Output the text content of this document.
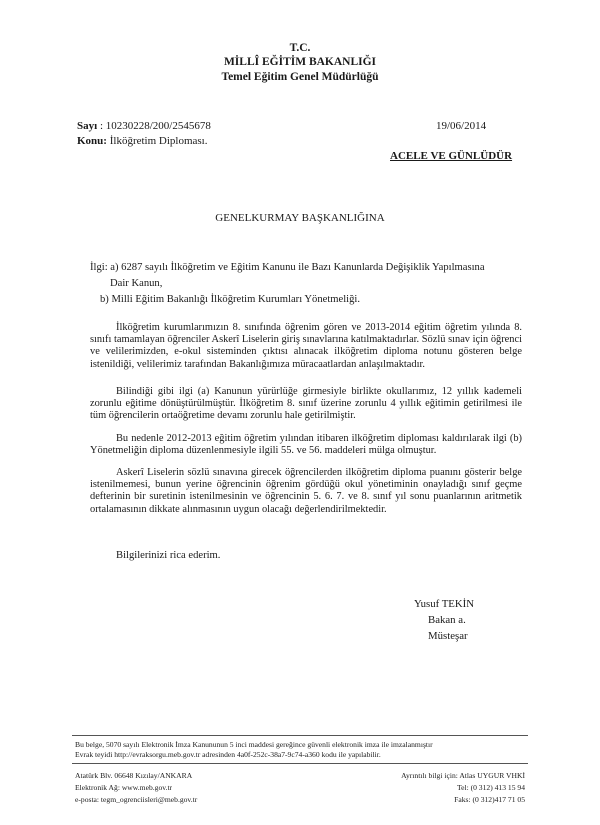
T.C.
MİLLÎ EĞİTİM BAKANLIĞI
Temel Eğitim Genel Müdürlüğü
Sayı : 10230228/200/2545678	19/06/2014
Konu: İlköğretim Diploması.
ACELE VE GÜNLÜDÜR
GENELKURMAY BAŞKANLIĞINA
İlgi: a) 6287 sayılı İlköğretim ve Eğitim Kanunu ile Bazı Kanunlarda Değişiklik Yapılmasına
Dair Kanun,
b) Milli Eğitim Bakanlığı İlköğretim Kurumları Yönetmeliği.
İlköğretim kurumlarımızın 8. sınıfında öğrenim gören ve 2013-2014 eğitim öğretim yılında 8. sınıfı tamamlayan öğrenciler Askerî Liselerin giriş sınavlarına katılmaktadırlar. Sözlü sınav için öğrenci ve velilerimizden, e-okul sisteminden çıktısı alınacak ilköğretim diploma notunu gösteren belge istenildiği, velilerimiz tarafından Bakanlığımıza müracaatlardan anlaşılmaktadır.
Bilindiği gibi ilgi (a) Kanunun yürürlüğe girmesiyle birlikte okullarımız, 12 yıllık kademeli zorunlu eğitime dönüştürülmüştür. İlköğretim 8. sınıf üzerine zorunlu 4 yıllık eğitimin getirilmesi ile tüm öğrencilerin ortaöğretime devamı zorunlu hale getirilmiştir.
Bu nedenle 2012-2013 eğitim öğretim yılından itibaren ilköğretim diploması kaldırılarak ilgi (b) Yönetmeliğin diploma düzenlenmesiyle ilgili 55. ve 56. maddeleri mülga olmuştur.
Askerî Liselerin sözlü sınavına girecek öğrencilerden ilköğretim diploma puanını gösterir belge istenilmemesi, bunun yerine öğrencinin öğrenim gördüğü okul yönetiminin onayladığı sınıf geçme defterinin bir suretinin istenilmesinin ve öğrencinin 5. 6. 7. ve 8. sınıf yıl sonu puanlarının aritmetik ortalamasının dikkate alınmasının uygun olacağı değerlendirilmektedir.
Bilgilerinizi rica ederim.
Yusuf TEKİN
Bakan a.
Müsteşar
Bu belge, 5070 sayılı Elektronik İmza Kanununun 5 inci maddesi gereğince güvenli elektronik imza ile imzalanmıştır
Evrak teyidi http://evraksorgu.meb.gov.tr adresinden 4a0f-252c-38a7-9c74-a360 kodu ile yapılabilir.
Atatürk Blv. 06648 Kızılay/ANKARA
Elektronik Ağ: www.meb.gov.tr
e-posta: tegm_ogrenciisleri@meb.gov.tr
Ayrıntılı bilgi için: Atlas UYGUR VHKİ
Tel: (0 312) 413 15 94
Faks: (0 312)417 71 05
